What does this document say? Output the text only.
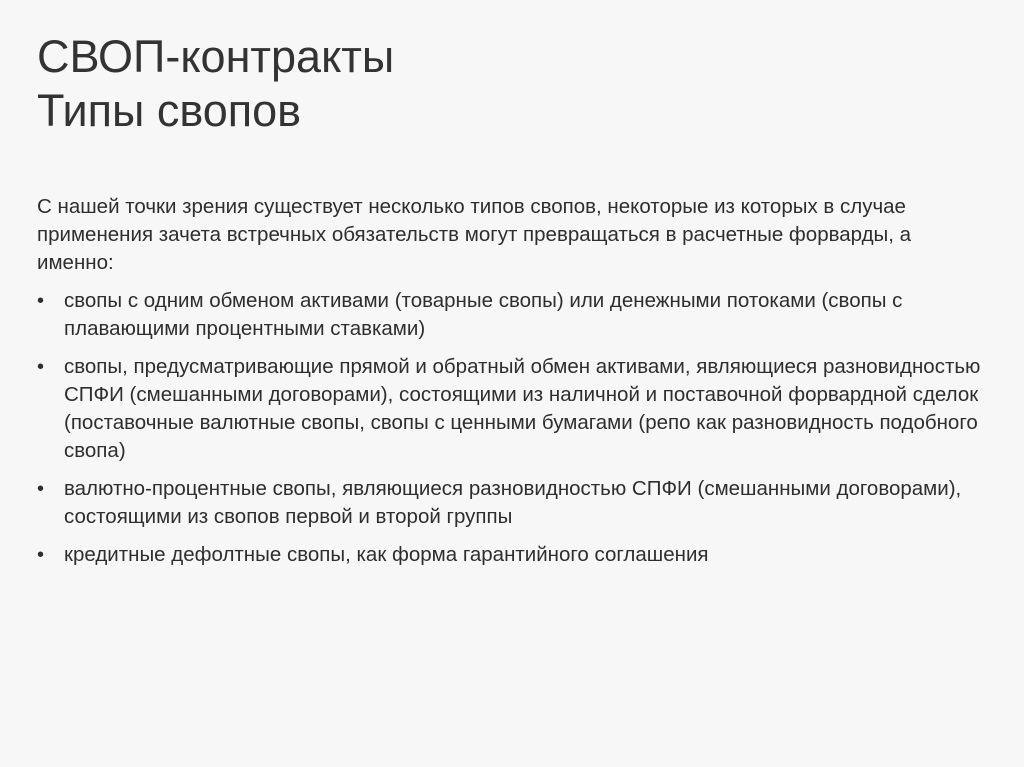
СВОП-контракты
Типы свопов

С нашей точки зрения существует несколько типов свопов, некоторые из которых в случае применения зачета встречных обязательств могут превращаться в расчетные форварды, а именно:

• свопы с одним обменом активами (товарные свопы) или денежными потоками (свопы с плавающими процентными ставками)
• свопы, предусматривающие прямой и обратный обмен активами, являющиеся разновидностью СПФИ (смешанными договорами), состоящими из наличной и поставочной форвардной сделок (поставочные валютные свопы, свопы с ценными бумагами (репо как разновидность подобного свопа)
• валютно-процентные свопы, являющиеся разновидностью СПФИ (смешанными договорами), состоящими из свопов первой и второй группы
• кредитные дефолтные свопы, как форма гарантийного соглашения
